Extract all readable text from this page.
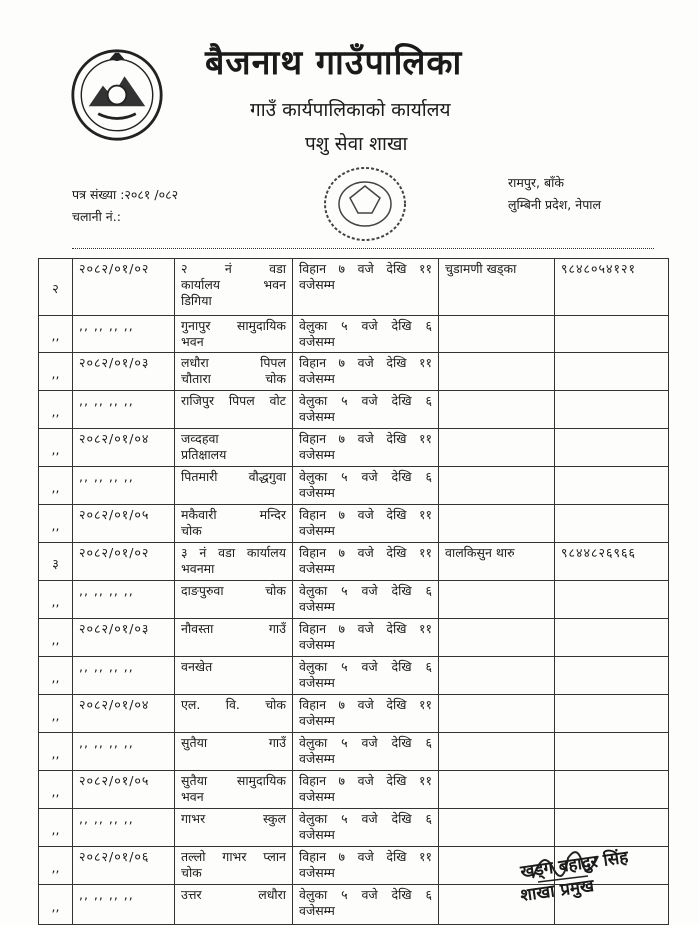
बैजनाथ गाउँपालिका
गाउँ कार्यपालिकाको कार्यालय
पशु सेवा शाखा
पत्र संख्या :२०८१ /०८२
चलानी नं.:
रामपुर, बाँके
लुम्बिनी प्रदेश, नेपाल
२	२०८२/०१/०२	२ नं वडा
कार्यालय भवन
डिगिया	विहान ७ वजे देखि ११
वजेसम्म	चुडामणी खड्का	९८४८०५४१२१
,,	,, ,, ,, ,,	गुनापुर सामुदायिक
भवन	वेलुका ५ वजे देखि ६
वजेसम्म		

,,	२०८२/०१/०३	लधौरा पिपल
चौतारा चोक	विहान ७ वजे देखि ११
वजेसम्म		

,,	,, ,, ,, ,,	राजिपुर पिपल वोट	वेलुका ५ वजे देखि ६
वजेसम्म		

,,	२०८२/०१/०४	जव्दहवा
प्रतिक्षालय	विहान ७ वजे देखि ११
वजेसम्म		

,,	,, ,, ,, ,,	पितमारी वौद्धगुवा	वेलुका ५ वजे देखि ६
वजेसम्म		

,,	२०८२/०१/०५	मकैवारी मन्दिर
चोक	विहान ७ वजे देखि ११
वजेसम्म		

३	२०८२/०१/०२	३ नं वडा कार्यालय
भवनमा	विहान ७ वजे देखि ११
वजेसम्म	वालकिसुन थारु	९८४४८२६९६६
,,	,, ,, ,, ,,	दाङपुरुवा चोक	वेलुका ५ वजे देखि ६
वजेसम्म		

,,	२०८२/०१/०३	नौवस्ता गाउँ	विहान ७ वजे देखि ११
वजेसम्म		

,,	,, ,, ,, ,,	वनखेत	वेलुका ५ वजे देखि ६
वजेसम्म		

,,	२०८२/०१/०४	एल. वि. चोक	विहान ७ वजे देखि ११
वजेसम्म		

,,	,, ,, ,, ,,	सुतैया गाउँ	वेलुका ५ वजे देखि ६
वजेसम्म		

,,	२०८२/०१/०५	सुतैया सामुदायिक
भवन	विहान ७ वजे देखि ११
वजेसम्म		

,,	,, ,, ,, ,,	गाभर स्कुल	वेलुका ५ वजे देखि ६
वजेसम्म		

,,	२०८२/०१/०६	तल्लो गाभर प्लान
चोक	विहान ७ वजे देखि ११
वजेसम्म		

,,	,, ,, ,, ,,	उत्तर लधौरा	वेलुका ५ वजे देखि ६
वजेसम्म		

खड्ग बहादुर सिंह
शाखा प्रमुख
